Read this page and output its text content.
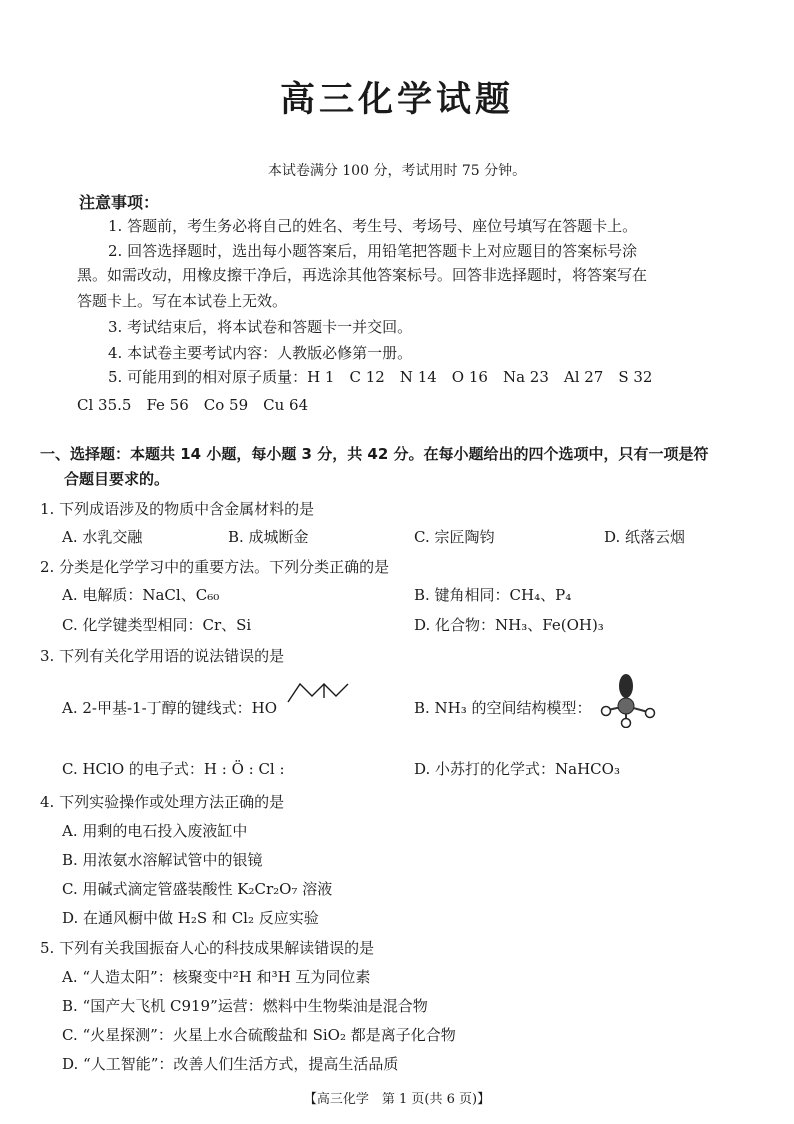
高三化学试题
本试卷满分 100 分，考试用时 75 分钟。
注意事项：
1. 答题前，考生务必将自己的姓名、考生号、考场号、座位号填写在答题卡上。
2. 回答选择题时，选出每小题答案后，用铅笔把答题卡上对应题目的答案标号涂
黑。如需改动，用橡皮擦干净后，再选涂其他答案标号。回答非选择题时，将答案写在
答题卡上。写在本试卷上无效。
3. 考试结束后，将本试卷和答题卡一并交回。
4. 本试卷主要考试内容：人教版必修第一册。
5. 可能用到的相对原子质量：H 1　C 12　N 14　O 16　Na 23　Al 27　S 32
Cl 35.5　Fe 56　Co 59　Cu 64
一、选择题：本题共 14 小题，每小题 3 分，共 42 分。在每小题给出的四个选项中，只有一项是符
合题目要求的。
1. 下列成语涉及的物质中含金属材料的是
A. 水乳交融	B. 成城断金	C. 宗匠陶钧	D. 纸落云烟
2. 分类是化学学习中的重要方法。下列分类正确的是
A. 电解质：NaCl、C₆₀	B. 键角相同：CH₄、P₄
C. 化学键类型相同：Cr、Si	D. 化合物：NH₃、Fe(OH)₃
3. 下列有关化学用语的说法错误的是
A. 2-甲基-1-丁醇的键线式：HO	B. NH₃ 的空间结构模型：
C. HClO 的电子式：H : Ö : Cl :	D. 小苏打的化学式：NaHCO₃
4. 下列实验操作或处理方法正确的是
A. 用剩的电石投入废液缸中
B. 用浓氨水溶解试管中的银镜
C. 用碱式滴定管盛装酸性 K₂Cr₂O₇ 溶液
D. 在通风橱中做 H₂S 和 Cl₂ 反应实验
5. 下列有关我国振奋人心的科技成果解读错误的是
A. “人造太阳”：核聚变中²H 和³H 互为同位素
B. “国产大飞机 C919”运营：燃料中生物柴油是混合物
C. “火星探测”：火星上水合硫酸盐和 SiO₂ 都是离子化合物
D. “人工智能”：改善人们生活方式，提高生活品质
【高三化学　第 1 页(共 6 页)】
